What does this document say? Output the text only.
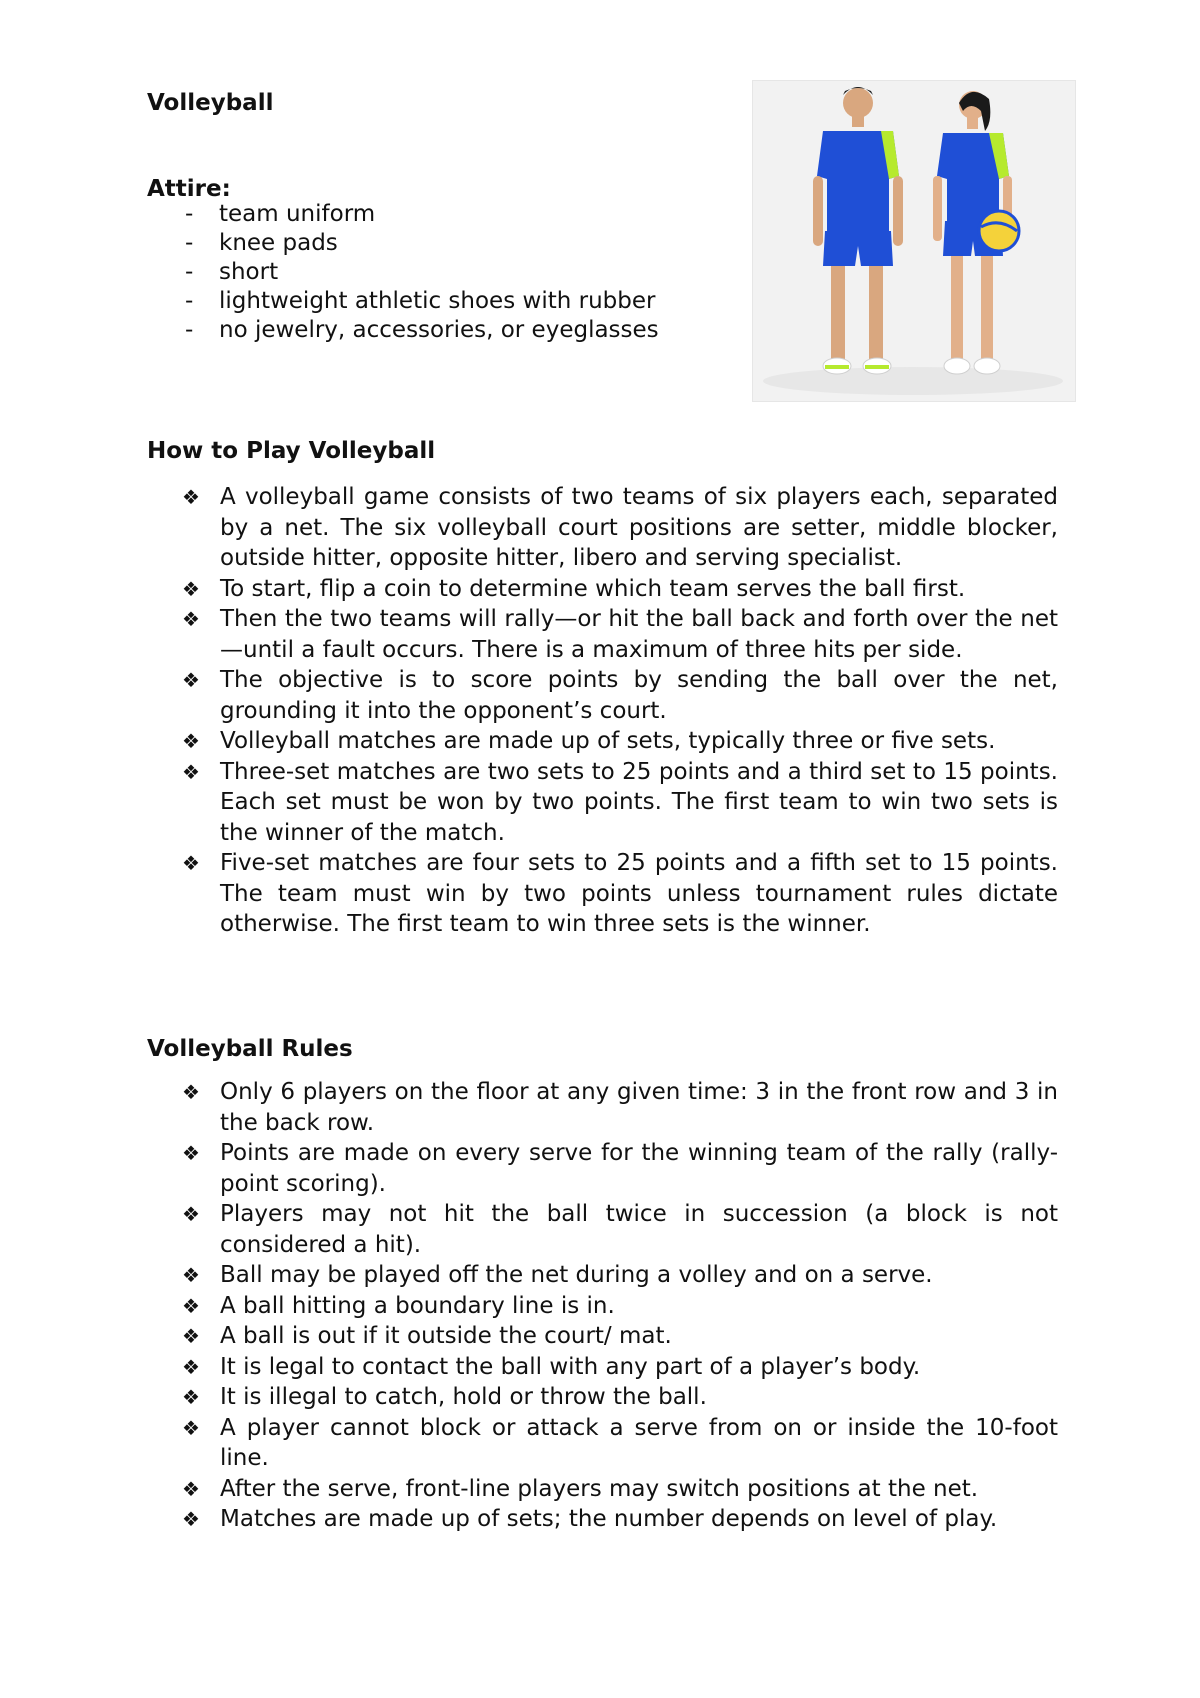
Volleyball
Attire:
-	team uniform
-	knee pads
-	short
-	lightweight athletic shoes with rubber
-	no jewelry, accessories, or eyeglasses
How to Play Volleyball
❖ A volleyball game consists of two teams of six players each, separated by a net. The six volleyball court positions are setter, middle blocker, outside hitter, opposite hitter, libero and serving specialist.
❖ To start, flip a coin to determine which team serves the ball first.
❖ Then the two teams will rally—or hit the ball back and forth over the net—until a fault occurs. There is a maximum of three hits per side.
❖ The objective is to score points by sending the ball over the net, grounding it into the opponent’s court.
❖ Volleyball matches are made up of sets, typically three or five sets.
❖ Three-set matches are two sets to 25 points and a third set to 15 points. Each set must be won by two points. The first team to win two sets is the winner of the match.
❖ Five-set matches are four sets to 25 points and a fifth set to 15 points. The team must win by two points unless tournament rules dictate otherwise. The first team to win three sets is the winner.
Volleyball Rules
❖ Only 6 players on the floor at any given time: 3 in the front row and 3 in the back row.
❖ Points are made on every serve for the winning team of the rally (rally-point scoring).
❖ Players may not hit the ball twice in succession (a block is not considered a hit).
❖ Ball may be played off the net during a volley and on a serve.
❖ A ball hitting a boundary line is in.
❖ A ball is out if it outside the court/ mat.
❖ It is legal to contact the ball with any part of a player’s body.
❖ It is illegal to catch, hold or throw the ball.
❖ A player cannot block or attack a serve from on or inside the 10-foot line.
❖ After the serve, front-line players may switch positions at the net.
❖ Matches are made up of sets; the number depends on level of play.
